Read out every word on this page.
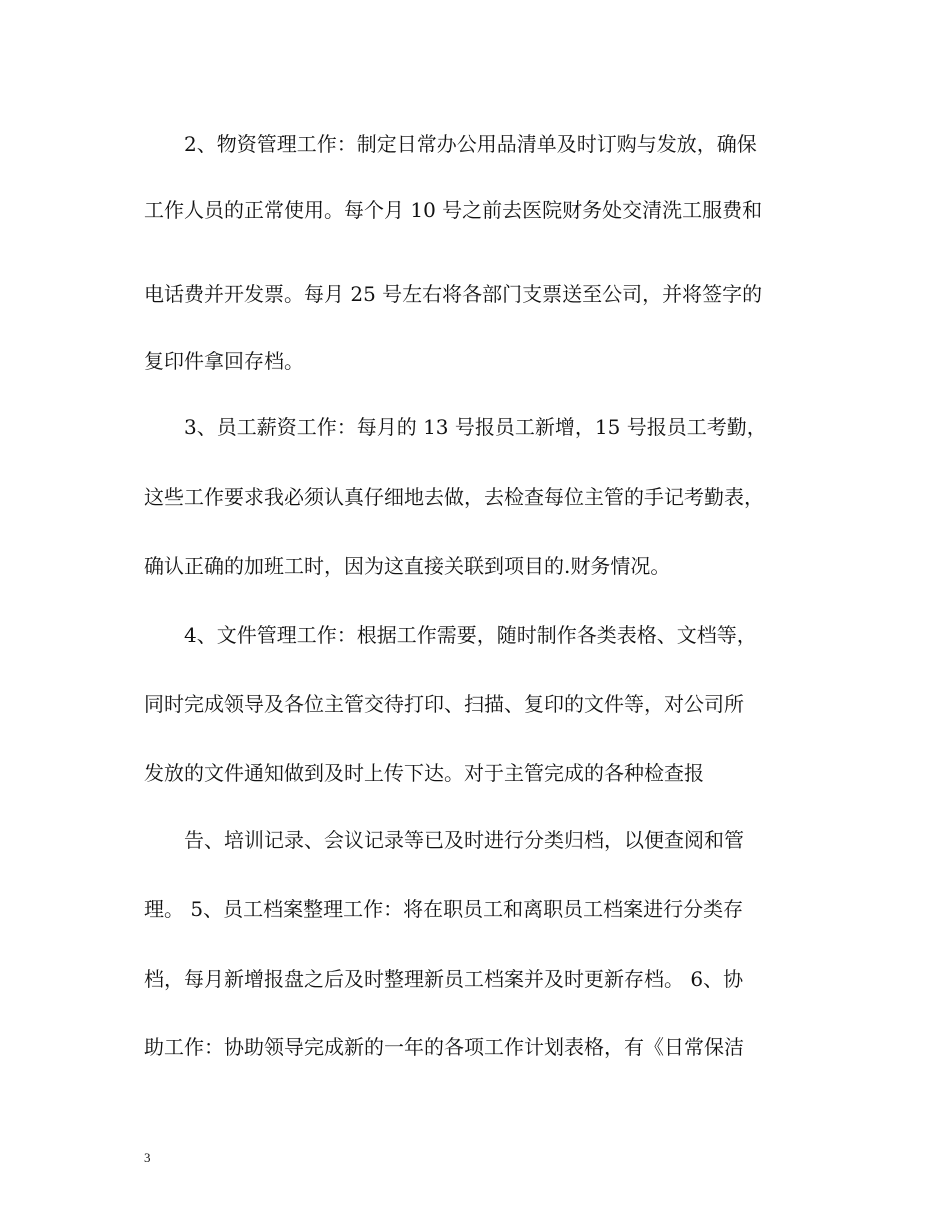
2、物资管理工作：制定日常办公用品清单及时订购与发放，确保
工作人员的正常使用。每个月 10 号之前去医院财务处交清洗工服费和
电话费并开发票。每月 25 号左右将各部门支票送至公司，并将签字的
复印件拿回存档。
3、员工薪资工作：每月的 13 号报员工新增，15 号报员工考勤，
这些工作要求我必须认真仔细地去做，去检查每位主管的手记考勤表，
确认正确的加班工时，因为这直接关联到项目的.财务情况。
4、文件管理工作：根据工作需要，随时制作各类表格、文档等，
同时完成领导及各位主管交待打印、扫描、复印的文件等，对公司所
发放的文件通知做到及时上传下达。对于主管完成的各种检查报
告、培训记录、会议记录等已及时进行分类归档，以便查阅和管
理。 5、员工档案整理工作：将在职员工和离职员工档案进行分类存
档，每月新增报盘之后及时整理新员工档案并及时更新存档。 6、协
助工作：协助领导完成新的一年的各项工作计划表格，有《日常保洁
3
